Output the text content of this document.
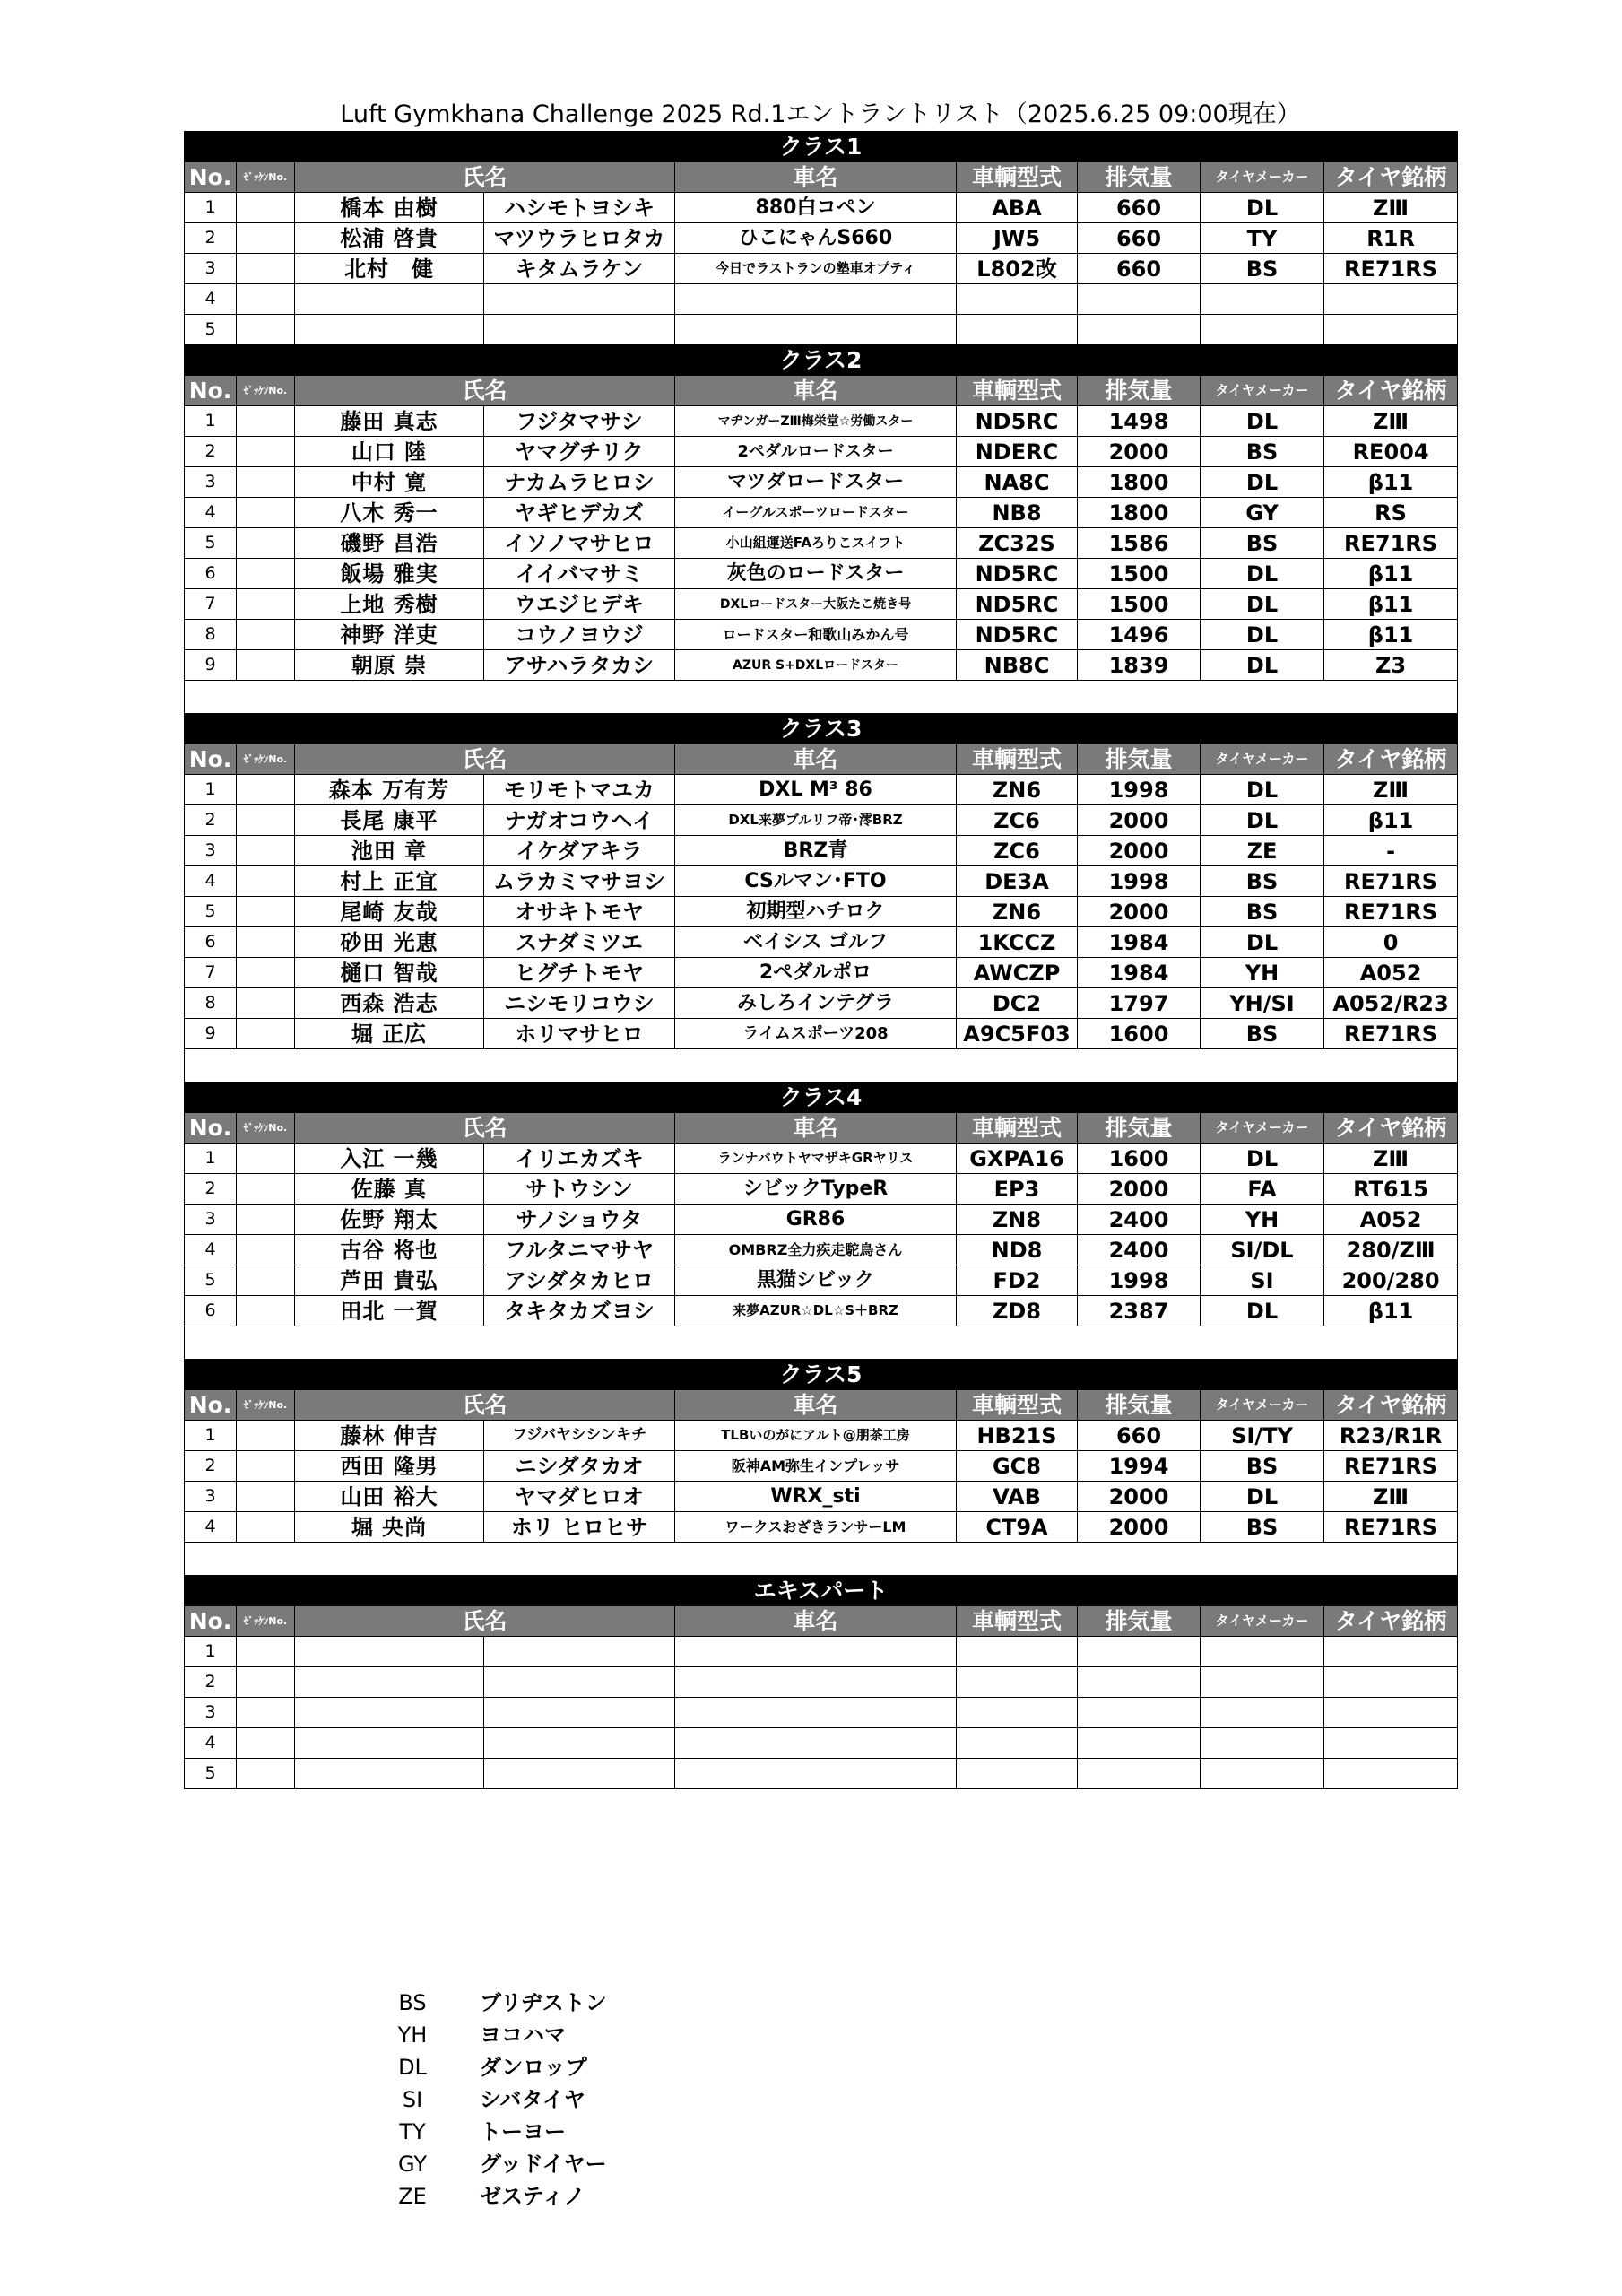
Luft Gymkhana Challenge 2025 Rd.1エントラントリスト（2025.6.25 09:00現在）
クラス1								
No.	ｾﾞｯｹﾝNo.	氏名		車名	車輌型式	排気量	タイヤメーカー	タイヤ銘柄
1		橋本 由樹	ハシモトヨシキ	880白コペン	ABA	660	DL	ZⅢ
2		松浦 啓貴	マツウラヒロタカ	ひこにゃんS660	JW5	660	TY	R1R
3		北村　健	キタムラケン	今日でラストランの塾車オプティ	L802改	660	BS	RE71RS
4								
5								
クラス2								
No.	ｾﾞｯｹﾝNo.	氏名		車名	車輌型式	排気量	タイヤメーカー	タイヤ銘柄
1		藤田 真志	フジタマサシ	マヂンガーZⅢ梅栄堂☆労働スター	ND5RC	1498	DL	ZⅢ
2		山口 陸	ヤマグチリク	2ペダルロードスター	NDERC	2000	BS	RE004
3		中村 寛	ナカムラヒロシ	マツダロードスター	NA8C	1800	DL	β11
4		八木 秀一	ヤギヒデカズ	イーグルスポーツロードスター	NB8	1800	GY	RS
5		磯野 昌浩	イソノマサヒロ	小山組運送FAろりこスイフト	ZC32S	1586	BS	RE71RS
6		飯場 雅実	イイバマサミ	灰色のロードスター	ND5RC	1500	DL	β11
7		上地 秀樹	ウエジヒデキ	DXLロードスター大阪たこ焼き号	ND5RC	1500	DL	β11
8		神野 洋吏	コウノヨウジ	ロードスター和歌山みかん号	ND5RC	1496	DL	β11
9		朝原 崇	アサハラタカシ	AZUR S+DXLロードスター	NB8C	1839	DL	Z3

クラス3								
No.	ｾﾞｯｹﾝNo.	氏名		車名	車輌型式	排気量	タイヤメーカー	タイヤ銘柄
1		森本 万有芳	モリモトマユカ	DXL M³ 86	ZN6	1998	DL	ZⅢ
2		長尾 康平	ナガオコウヘイ	DXL来夢ブルリフ帝･澪BRZ	ZC6	2000	DL	β11
3		池田 章	イケダアキラ	BRZ青	ZC6	2000	ZE	-
4		村上 正宜	ムラカミマサヨシ	CSルマン･FTO	DE3A	1998	BS	RE71RS
5		尾崎 友哉	オサキトモヤ	初期型ハチロク	ZN6	2000	BS	RE71RS
6		砂田 光恵	スナダミツエ	ベイシス ゴルフ	1KCCZ	1984	DL	0
7		樋口 智哉	ヒグチトモヤ	2ペダルポロ	AWCZP	1984	YH	A052
8		西森 浩志	ニシモリコウシ	みしろインテグラ	DC2	1797	YH/SI	A052/R23
9		堀 正広	ホリマサヒロ	ライムスポーツ208	A9C5F03	1600	BS	RE71RS

クラス4								
No.	ｾﾞｯｹﾝNo.	氏名		車名	車輌型式	排気量	タイヤメーカー	タイヤ銘柄
1		入江 一幾	イリエカズキ	ランナバウトヤマザキGRヤリス	GXPA16	1600	DL	ZⅢ
2		佐藤 真	サトウシン	シビックTypeR	EP3	2000	FA	RT615
3		佐野 翔太	サノショウタ	GR86	ZN8	2400	YH	A052
4		古谷 将也	フルタニマサヤ	OMBRZ全力疾走駝鳥さん	ND8	2400	SI/DL	280/ZⅢ
5		芦田 貴弘	アシダタカヒロ	黒猫シビック	FD2	1998	SI	200/280
6		田北 一賀	タキタカズヨシ	来夢AZUR☆DL☆S＋BRZ	ZD8	2387	DL	β11

クラス5								
No.	ｾﾞｯｹﾝNo.	氏名		車名	車輌型式	排気量	タイヤメーカー	タイヤ銘柄
1		藤林 伸吉	フジバヤシシンキチ	TLBいのがにアルト@朋茶工房	HB21S	660	SI/TY	R23/R1R
2		西田 隆男	ニシダタカオ	阪神AM弥生インプレッサ	GC8	1994	BS	RE71RS
3		山田 裕大	ヤマダヒロオ	WRX_sti	VAB	2000	DL	ZⅢ
4		堀 央尚	ホリ ヒロヒサ	ワークスおざきランサーLM	CT9A	2000	BS	RE71RS

エキスパート								
No.	ｾﾞｯｹﾝNo.	氏名		車名	車輌型式	排気量	タイヤメーカー	タイヤ銘柄
1								
2								
3								
4								
5								
BS ブリヂストン
YH ヨコハマ
DL ダンロップ
SI	シバタイヤ
TY	トーヨー
GY グッドイヤー
ZE ゼスティノ
